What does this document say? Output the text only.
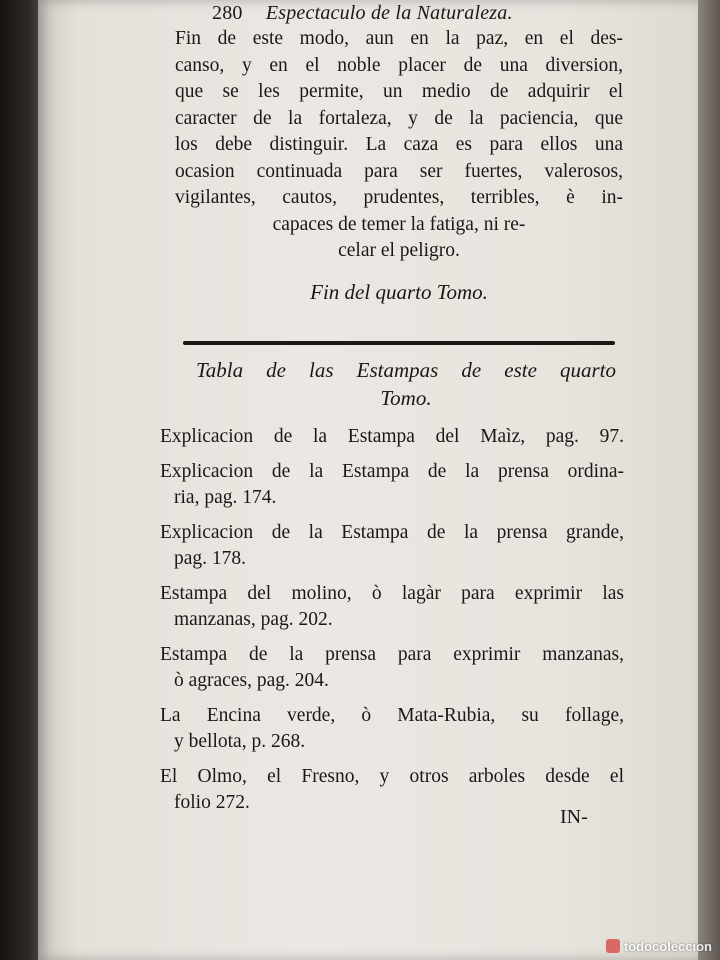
280 Espectaculo de la Naturaleza.
Fin de este modo, aun en la paz, en el des-
canso, y en el noble placer de una diversion,
que se les permite, un medio de adquirir el
caracter de la fortaleza, y de la paciencia, que
los debe distinguir. La caza es para ellos una
ocasion continuada para ser fuertes, valerosos,
vigilantes, cautos, prudentes, terribles, è in-
capaces de temer la fatiga, ni re-
celar el peligro.
Fin del quarto Tomo.
Tabla de las Estampas de este quarto
Tomo.
Explicacion de la Estampa del Maìz, pag. 97.
Explicacion de la Estampa de la prensa ordina-
ria, pag. 174.
Explicacion de la Estampa de la prensa grande,
pag. 178.
Estampa del molino, ò lagàr para exprimir las
manzanas, pag. 202.
Estampa de la prensa para exprimir manzanas,
ò agraces, pag. 204.
La Encina verde, ò Mata-Rubia, su follage,
y bellota, p. 268.
El Olmo, el Fresno, y otros arboles desde el
folio 272.
IN-
todocoleccion
